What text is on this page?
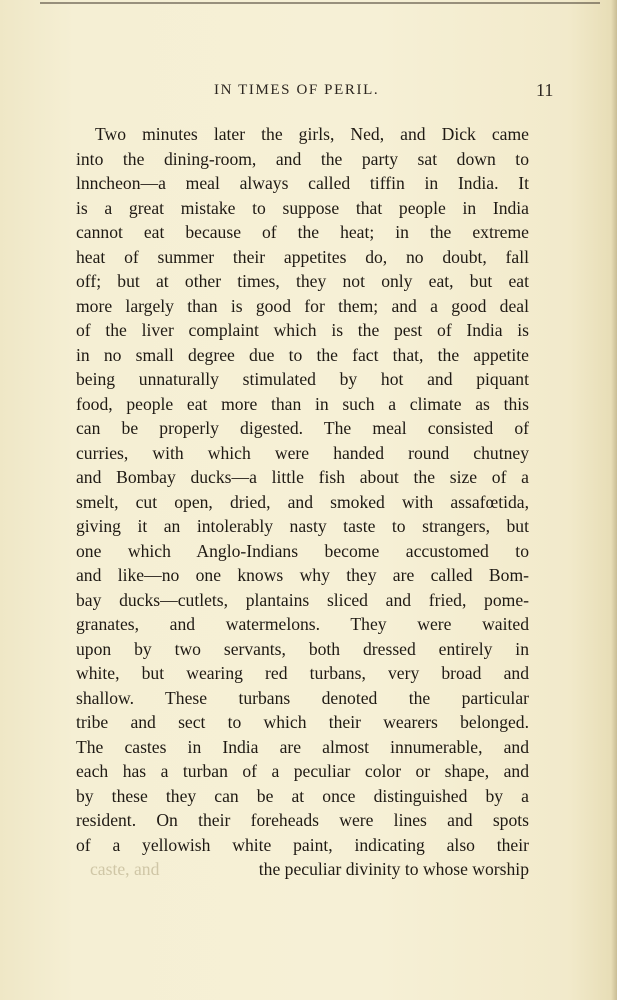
IN TIMES OF PERIL.	11
Two minutes later the girls, Ned, and Dick came
into the dining-room, and the party sat down to
lnncheon—a meal always called tiffin in India. It
is a great mistake to suppose that people in India
cannot eat because of the heat; in the extreme
heat of summer their appetites do, no doubt, fall
off; but at other times, they not only eat, but eat
more largely than is good for them; and a good deal
of the liver complaint which is the pest of India is
in no small degree due to the fact that, the appetite
being unnaturally stimulated by hot and piquant
food, people eat more than in such a climate as this
can be properly digested. The meal consisted of
curries, with which were handed round chutney
and Bombay ducks—a little fish about the size of a
smelt, cut open, dried, and smoked with assafœtida,
giving it an intolerably nasty taste to strangers, but
one which Anglo-Indians become accustomed to
and like—no one knows why they are called Bom-
bay ducks—cutlets, plantains sliced and fried, pome-
granates, and watermelons. They were waited
upon by two servants, both dressed entirely in
white, but wearing red turbans, very broad and
shallow. These turbans denoted the particular
tribe and sect to which their wearers belonged.
The castes in India are almost innumerable, and
each has a turban of a peculiar color or shape, and
by these they can be at once distinguished by a
resident. On their foreheads were lines and spots
of a yellowish white paint, indicating also their
caste, and	the peculiar divinity to whose worship
